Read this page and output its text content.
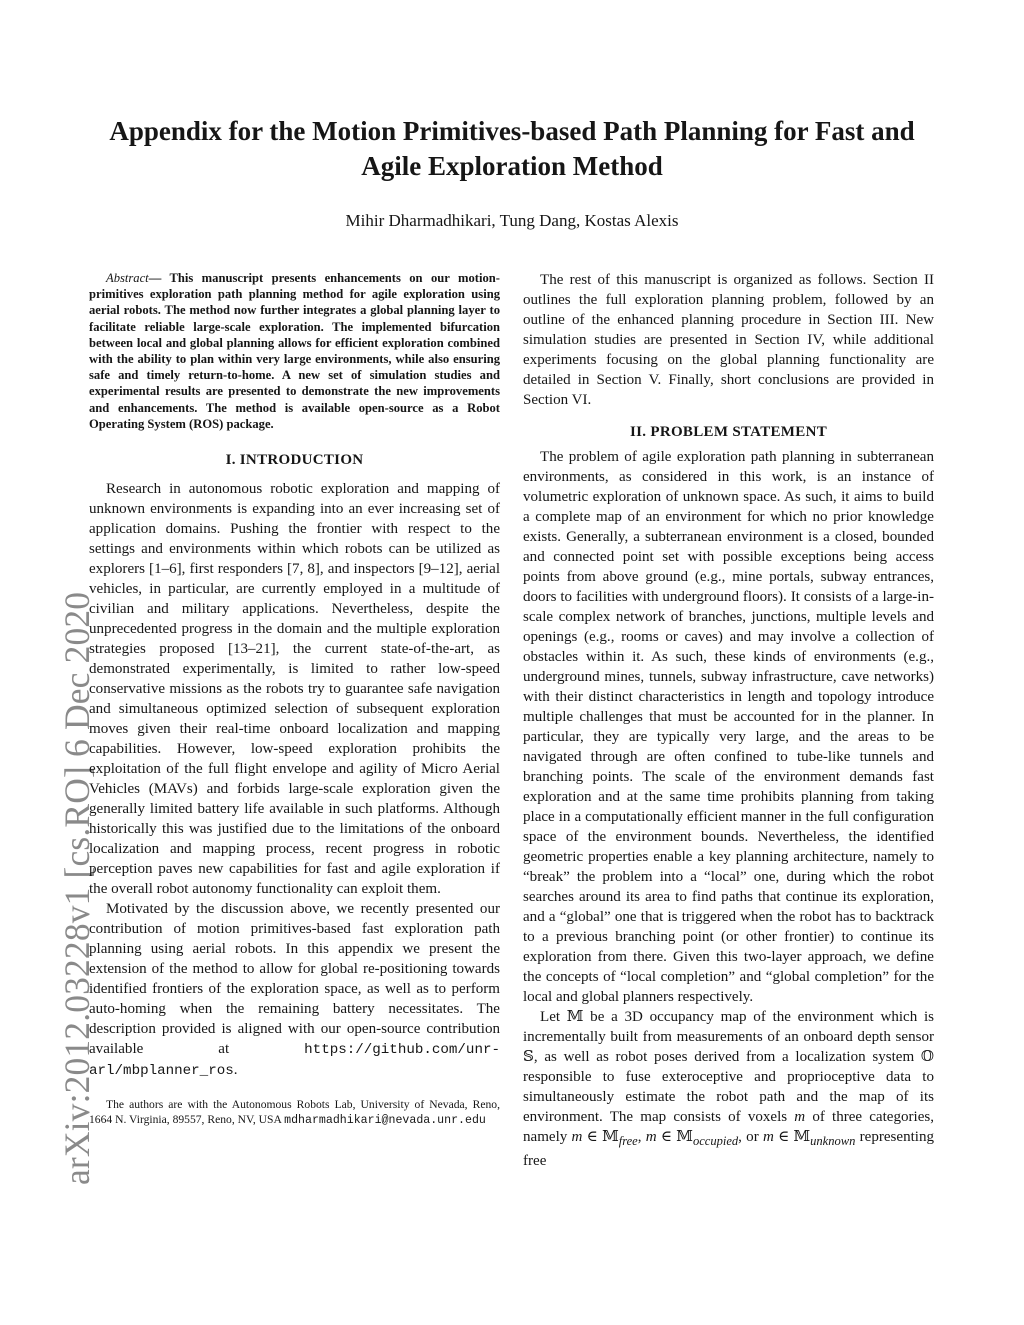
arXiv:2012.03228v1 [cs.RO] 6 Dec 2020
Appendix for the Motion Primitives-based Path Planning for Fast and
Agile Exploration Method

Mihir Dharmadhikari, Tung Dang, Kostas Alexis

Abstract— This manuscript presents enhancements on our motion-primitives exploration path planning method for agile exploration using aerial robots. The method now further integrates a global planning layer to facilitate reliable large-scale exploration. The implemented bifurcation between local and global planning allows for efficient exploration combined with the ability to plan within very large environments, while also ensuring safe and timely return-to-home. A new set of simulation studies and experimental results are presented to demonstrate the new improvements and enhancements. The method is available open-source as a Robot Operating System (ROS) package.

I. INTRODUCTION

Research in autonomous robotic exploration and mapping of unknown environments is expanding into an ever increasing set of application domains. Pushing the frontier with respect to the settings and environments within which robots can be utilized as explorers [1–6], first responders [7, 8], and inspectors [9–12], aerial vehicles, in particular, are currently employed in a multitude of civilian and military applications. Nevertheless, despite the unprecedented progress in the domain and the multiple exploration strategies proposed [13–21], the current state-of-the-art, as demonstrated experimentally, is limited to rather low-speed conservative missions as the robots try to guarantee safe navigation and simultaneous optimized selection of subsequent exploration moves given their real-time onboard localization and mapping capabilities. However, low-speed exploration prohibits the exploitation of the full flight envelope and agility of Micro Aerial Vehicles (MAVs) and forbids large-scale exploration given the generally limited battery life available in such platforms. Although historically this was justified due to the limitations of the onboard localization and mapping process, recent progress in robotic perception paves new capabilities for fast and agile exploration if the overall robot autonomy functionality can exploit them.

Motivated by the discussion above, we recently presented our contribution of motion primitives-based fast exploration path planning using aerial robots. In this appendix we present the extension of the method to allow for global re-positioning towards identified frontiers of the exploration space, as well as to perform auto-homing when the remaining battery necessitates. The description provided is aligned with our open-source contribution available at https://github.com/unr-arl/mbplanner_ros.

The authors are with the Autonomous Robots Lab, University of Nevada, Reno, 1664 N. Virginia, 89557, Reno, NV, USA mdharmadhikari@nevada.unr.edu

The rest of this manuscript is organized as follows. Section II outlines the full exploration planning problem, followed by an outline of the enhanced planning procedure in Section III. New simulation studies are presented in Section IV, while additional experiments focusing on the global planning functionality are detailed in Section V. Finally, short conclusions are provided in Section VI.

II. PROBLEM STATEMENT

The problem of agile exploration path planning in subterranean environments, as considered in this work, is an instance of volumetric exploration of unknown space. As such, it aims to build a complete map of an environment for which no prior knowledge exists. Generally, a subterranean environment is a closed, bounded and connected point set with possible exceptions being access points from above ground (e.g., mine portals, subway entrances, doors to facilities with underground floors). It consists of a large-in-scale complex network of branches, junctions, multiple levels and openings (e.g., rooms or caves) and may involve a collection of obstacles within it. As such, these kinds of environments (e.g., underground mines, tunnels, subway infrastructure, cave networks) with their distinct characteristics in length and topology introduce multiple challenges that must be accounted for in the planner. In particular, they are typically very large, and the areas to be navigated through are often confined to tube-like tunnels and branching points. The scale of the environment demands fast exploration and at the same time prohibits planning from taking place in a computationally efficient manner in the full configuration space of the environment bounds. Nevertheless, the identified geometric properties enable a key planning architecture, namely to “break” the problem into a “local” one, during which the robot searches around its area to find paths that continue its exploration, and a “global” one that is triggered when the robot has to backtrack to a previous branching point (or other frontier) to continue its exploration from there. Given this two-layer approach, we define the concepts of “local completion” and “global completion” for the local and global planners respectively.

Let 𝕄 be a 3D occupancy map of the environment which is incrementally built from measurements of an onboard depth sensor 𝕊, as well as robot poses derived from a localization system 𝕆 responsible to fuse exteroceptive and proprioceptive data to simultaneously estimate the robot path and the map of its environment. The map consists of voxels m of three categories, namely m ∈ 𝕄$_{free}$, m ∈ 𝕄$_{occupied}$, or m ∈ 𝕄$_{unknown}$ representing free
